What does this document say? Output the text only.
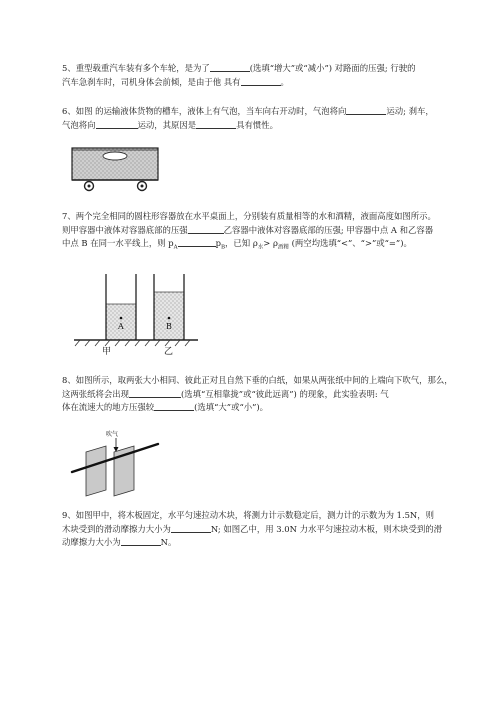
5、重型载重汽车装有多个车轮，是为了	(选填“增大”或“减小”) 对路面的压强; 行驶的
汽车急刹车时，司机身体会前倾，是由于他 具有	。
6、如图 的运输液体货物的槽车，液体上有气泡，当车向右开动时，气泡将向	运动; 刹车，
气泡将向	运动，其原因是	具有惯性。
7、两个完全相同的圆柱形容器放在水平桌面上，分别装有质量相等的水和酒精，液面高度如图所示。
则甲容器中液体对容器底部的压强	乙容器中液体对容器底部的压强; 甲容器中点 A 和乙容器
中点 B 在同一水平线上，则 $p_A$	$p_B$，已知 $\rho_水> \rho_{酒精}$ (两空均选填“<”、“>”或“=”)。
A	B
甲	乙
8、如图所示，取两张大小相同、彼此正对且自然下垂的白纸，如果从两张纸中间的上端向下吹气，那么，
这两张纸将会出现	(选填“互相靠拢”或“彼此远离”) 的现象，此实验表明: 气
体在流速大的地方压强较	(选填“大”或“小”)。
吹气
9、如图甲中，将木板固定，水平匀速拉动木块，将测力计示数稳定后，测力计的示数为为 1.5N，则
木块受到的滑动摩擦力大小为	N; 如图乙中，用 3.0N 力水平匀速拉动木板，则木块受到的滑
动摩擦力大小为	N。
